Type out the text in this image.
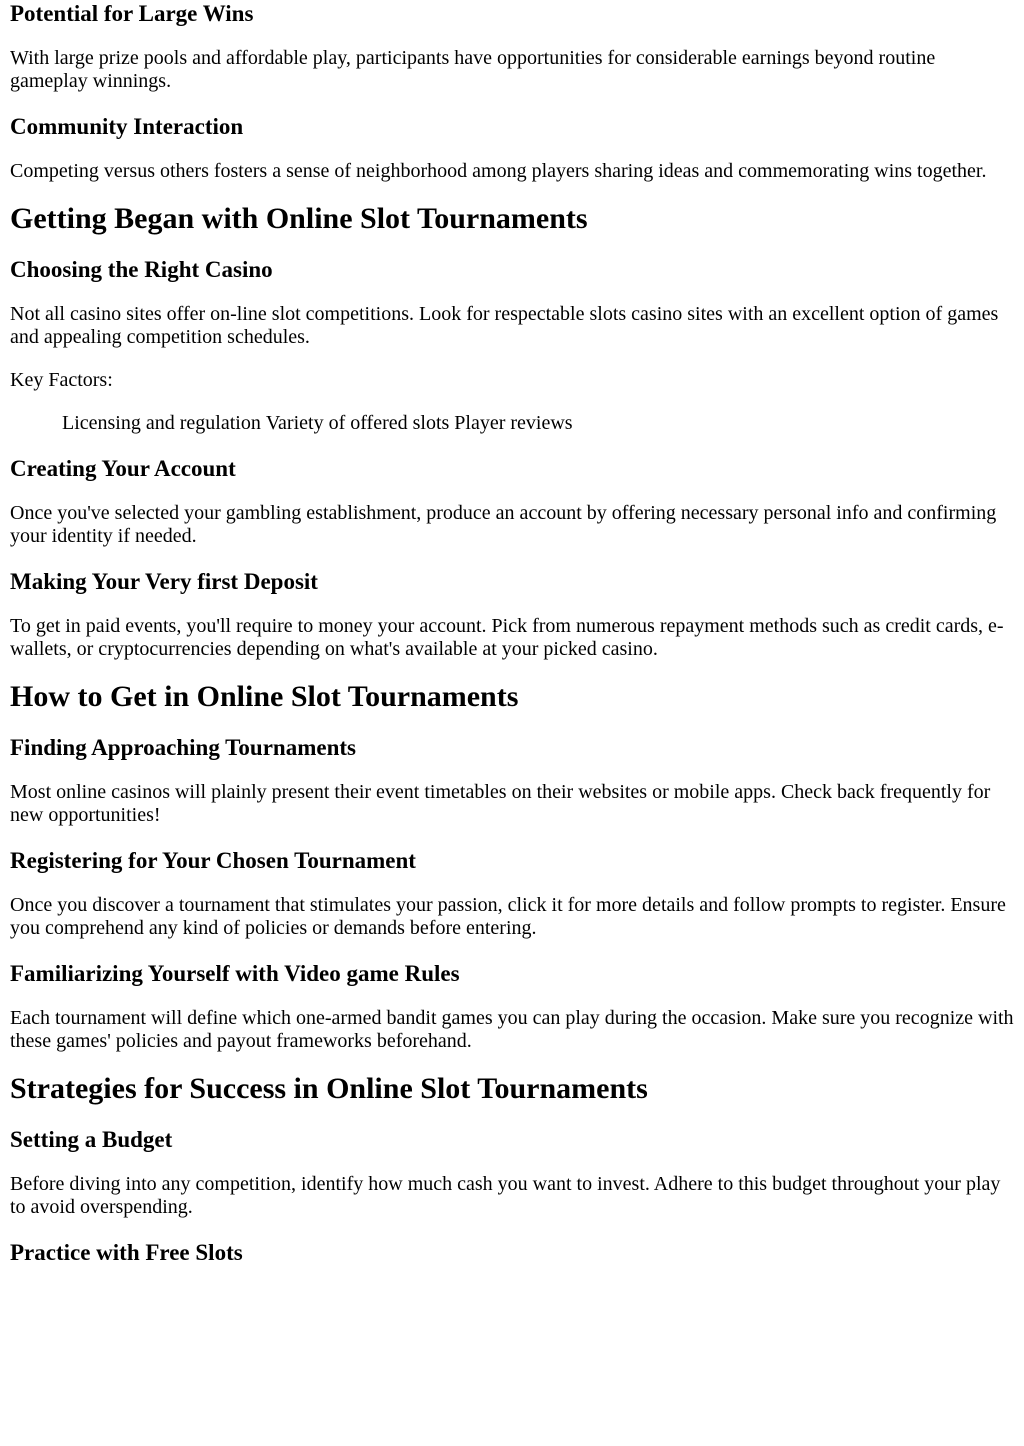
Potential for Large Wins

With large prize pools and affordable play, participants have opportunities for considerable earnings beyond routine gameplay winnings.

Community Interaction

Competing versus others fosters a sense of neighborhood among players sharing ideas and commemorating wins together.

Getting Began with Online Slot Tournaments
Choosing the Right Casino

Not all casino sites offer on-line slot competitions. Look for respectable slots casino sites with an excellent option of games and appealing competition schedules.

Key Factors:

Licensing and regulation Variety of offered slots Player reviews
Creating Your Account

Once you've selected your gambling establishment, produce an account by offering necessary personal info and confirming your identity if needed.

Making Your Very first Deposit

To get in paid events, you'll require to money your account. Pick from numerous repayment methods such as credit cards, e-wallets, or cryptocurrencies depending on what's available at your picked casino.

How to Get in Online Slot Tournaments
Finding Approaching Tournaments

Most online casinos will plainly present their event timetables on their websites or mobile apps. Check back frequently for new opportunities!

Registering for Your Chosen Tournament

Once you discover a tournament that stimulates your passion, click it for more details and follow prompts to register. Ensure you comprehend any kind of policies or demands before entering.

Familiarizing Yourself with Video game Rules

Each tournament will define which one-armed bandit games you can play during the occasion. Make sure you recognize with these games' policies and payout frameworks beforehand.

Strategies for Success in Online Slot Tournaments
Setting a Budget

Before diving into any competition, identify how much cash you want to invest. Adhere to this budget throughout your play to avoid overspending.

Practice with Free Slots
